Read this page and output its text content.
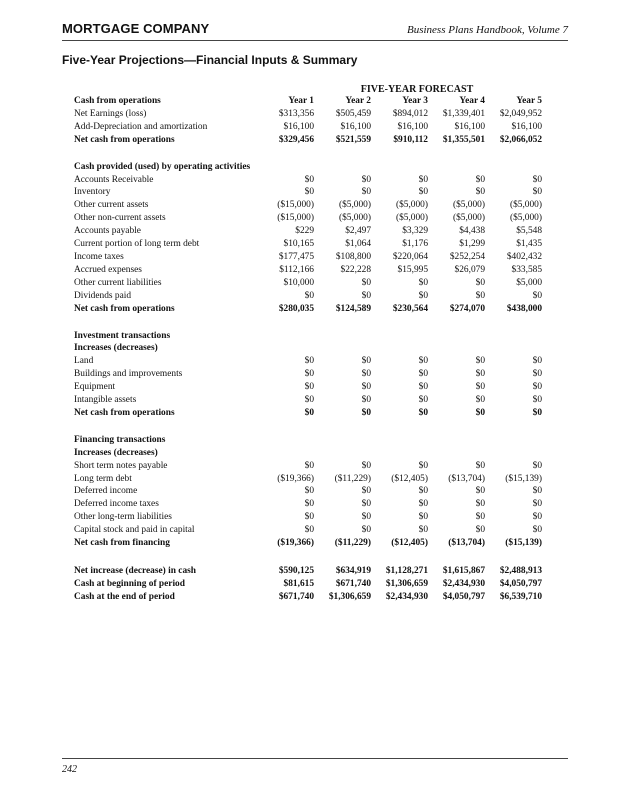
MORTGAGE COMPANY	Business Plans Handbook, Volume 7
Five-Year Projections—Financial Inputs & Summary
FIVE-YEAR FORECAST
Cash from operations	Year 1	Year 2	Year 3	Year 4	Year 5
Net Earnings (loss)	$313,356	$505,459	$894,012	$1,339,401	$2,049,952
Add-Depreciation and amortization	$16,100	$16,100	$16,100	$16,100	$16,100
Net cash from operations	$329,456	$521,559	$910,112	$1,355,501	$2,066,052

Cash provided (used) by operating activities					
Accounts Receivable	$0	$0	$0	$0	$0
Inventory	$0	$0	$0	$0	$0
Other current assets	($15,000)	($5,000)	($5,000)	($5,000)	($5,000)
Other non-current assets	($15,000)	($5,000)	($5,000)	($5,000)	($5,000)
Accounts payable	$229	$2,497	$3,329	$4,438	$5,548
Current portion of long term debt	$10,165	$1,064	$1,176	$1,299	$1,435
Income taxes	$177,475	$108,800	$220,064	$252,254	$402,432
Accrued expenses	$112,166	$22,228	$15,995	$26,079	$33,585
Other current liabilities	$10,000	$0	$0	$0	$5,000
Dividends paid	$0	$0	$0	$0	$0
Net cash from operations	$280,035	$124,589	$230,564	$274,070	$438,000

Investment transactions					
Increases (decreases)					
Land	$0	$0	$0	$0	$0
Buildings and improvements	$0	$0	$0	$0	$0
Equipment	$0	$0	$0	$0	$0
Intangible assets	$0	$0	$0	$0	$0
Net cash from operations	$0	$0	$0	$0	$0

Financing transactions					
Increases (decreases)					
Short term notes payable	$0	$0	$0	$0	$0
Long term debt	($19,366)	($11,229)	($12,405)	($13,704)	($15,139)
Deferred income	$0	$0	$0	$0	$0
Deferred income taxes	$0	$0	$0	$0	$0
Other long-term liabilities	$0	$0	$0	$0	$0
Capital stock and paid in capital	$0	$0	$0	$0	$0
Net cash from financing	($19,366)	($11,229)	($12,405)	($13,704)	($15,139)

Net increase (decrease) in cash	$590,125	$634,919	$1,128,271	$1,615,867	$2,488,913
Cash at beginning of period	$81,615	$671,740	$1,306,659	$2,434,930	$4,050,797
Cash at the end of period	$671,740	$1,306,659	$2,434,930	$4,050,797	$6,539,710
242
